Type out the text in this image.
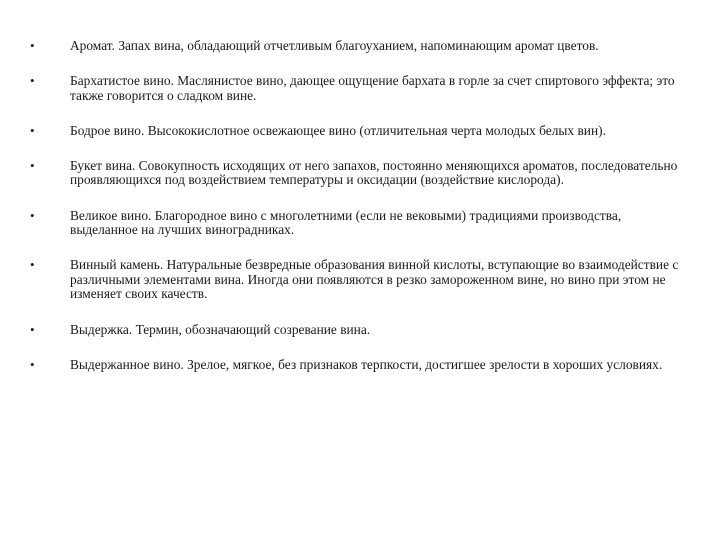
•	Аромат. Запах вина, обладающий отчетливым благоуханием, напоминающим аромат цветов.
•	Бархатистое вино. Маслянистое вино, дающее ощущение бархата в горле за счет спиртового эффекта; это также говорится о сладком вине.
•	Бодрое вино. Высококислотное освежающее вино (отличительная черта молодых белых вин).
•	Букет вина. Совокупность исходящих от него запахов, постоянно меняющихся ароматов, последовательно проявляющихся под воздействием температуры и оксидации (воздействие кислорода).
•	Великое вино. Благородное вино с многолетними (если не вековыми) традициями производства, выделанное на лучших виноградниках.
•	Винный камень. Натуральные безвредные образования винной кислоты, вступающие во взаимодействие с различными элементами вина. Иногда они появляются в резко замороженном вине, но вино при этом не изменяет своих качеств.
•	Выдержка. Термин, обозначающий созревание вина.
•	Выдержанное вино. Зрелое, мягкое, без признаков терпкости, достигшее зрелости в хороших условиях.
